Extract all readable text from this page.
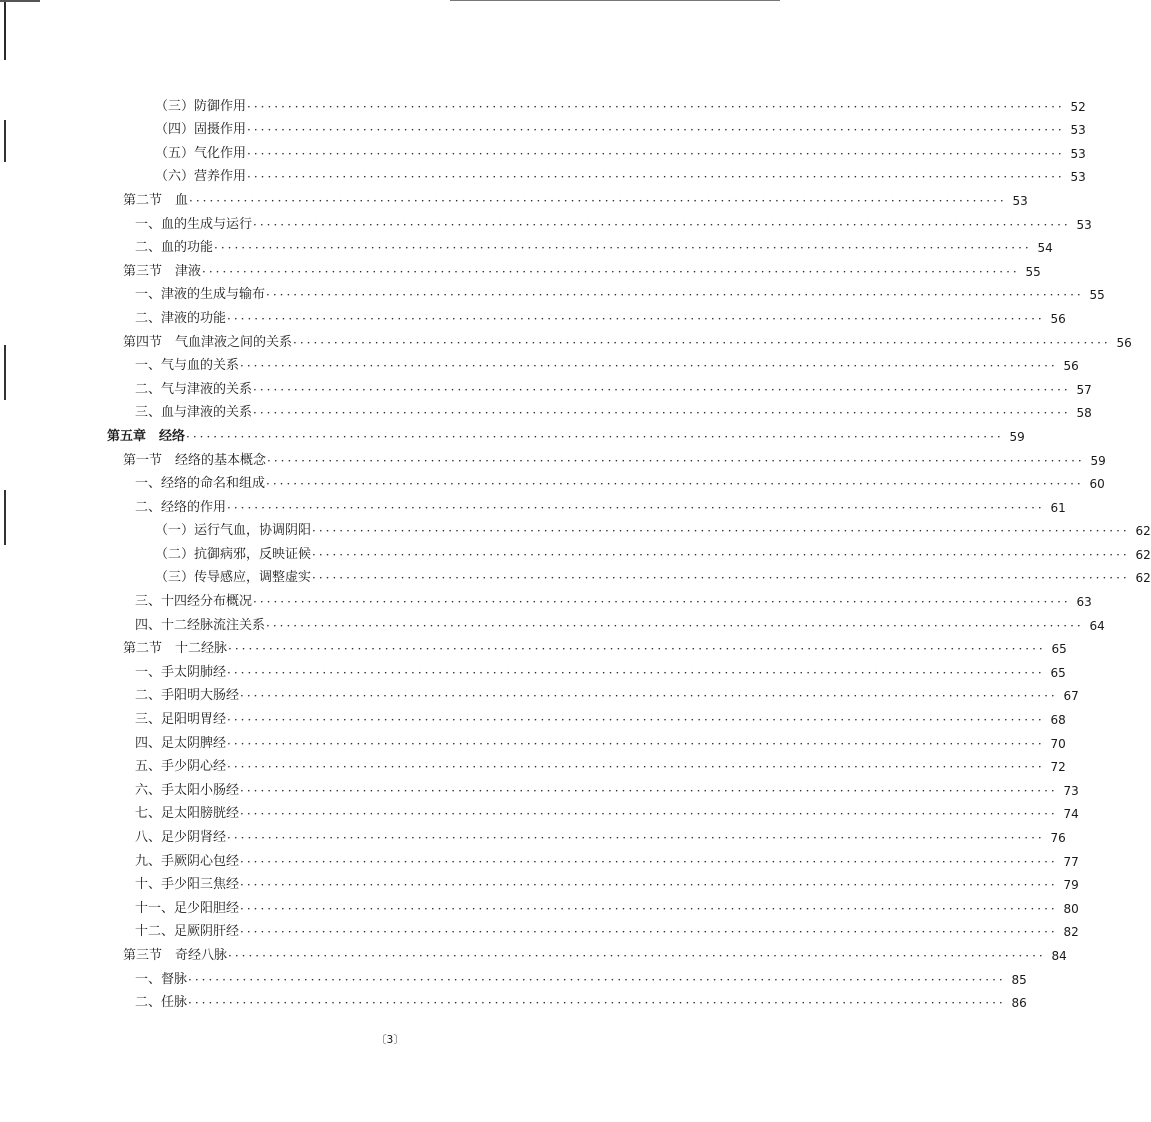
（三）防御作用 ························································································································ 52
（四）固摄作用 ························································································································ 53
（五）气化作用 ························································································································ 53
（六）营养作用 ························································································································ 53
第二节　血 ························································································································ 53
一、血的生成与运行 ························································································································ 53
二、血的功能 ························································································································ 54
第三节　津液 ························································································································ 55
一、津液的生成与输布 ························································································································ 55
二、津液的功能 ························································································································ 56
第四节　气血津液之间的关系 ························································································································ 56
一、气与血的关系 ························································································································ 56
二、气与津液的关系 ························································································································ 57
三、血与津液的关系 ························································································································ 58
第五章　经络 ························································································································ 59
第一节　经络的基本概念 ························································································································ 59
一、经络的命名和组成 ························································································································ 60
二、经络的作用 ························································································································ 61
（一）运行气血，协调阴阳 ························································································································ 62
（二）抗御病邪，反映证候 ························································································································ 62
（三）传导感应，调整虚实 ························································································································ 62
三、十四经分布概况 ························································································································ 63
四、十二经脉流注关系 ························································································································ 64
第二节　十二经脉 ························································································································ 65
一、手太阴肺经 ························································································································ 65
二、手阳明大肠经 ························································································································ 67
三、足阳明胃经 ························································································································ 68
四、足太阴脾经 ························································································································ 70
五、手少阴心经 ························································································································ 72
六、手太阳小肠经 ························································································································ 73
七、足太阳膀胱经 ························································································································ 74
八、足少阴肾经 ························································································································ 76
九、手厥阴心包经 ························································································································ 77
十、手少阳三焦经 ························································································································ 79
十一、足少阳胆经 ························································································································ 80
十二、足厥阴肝经 ························································································································ 82
第三节　奇经八脉 ························································································································ 84
一、督脉 ························································································································ 85
二、任脉 ························································································································ 86
〔3〕
